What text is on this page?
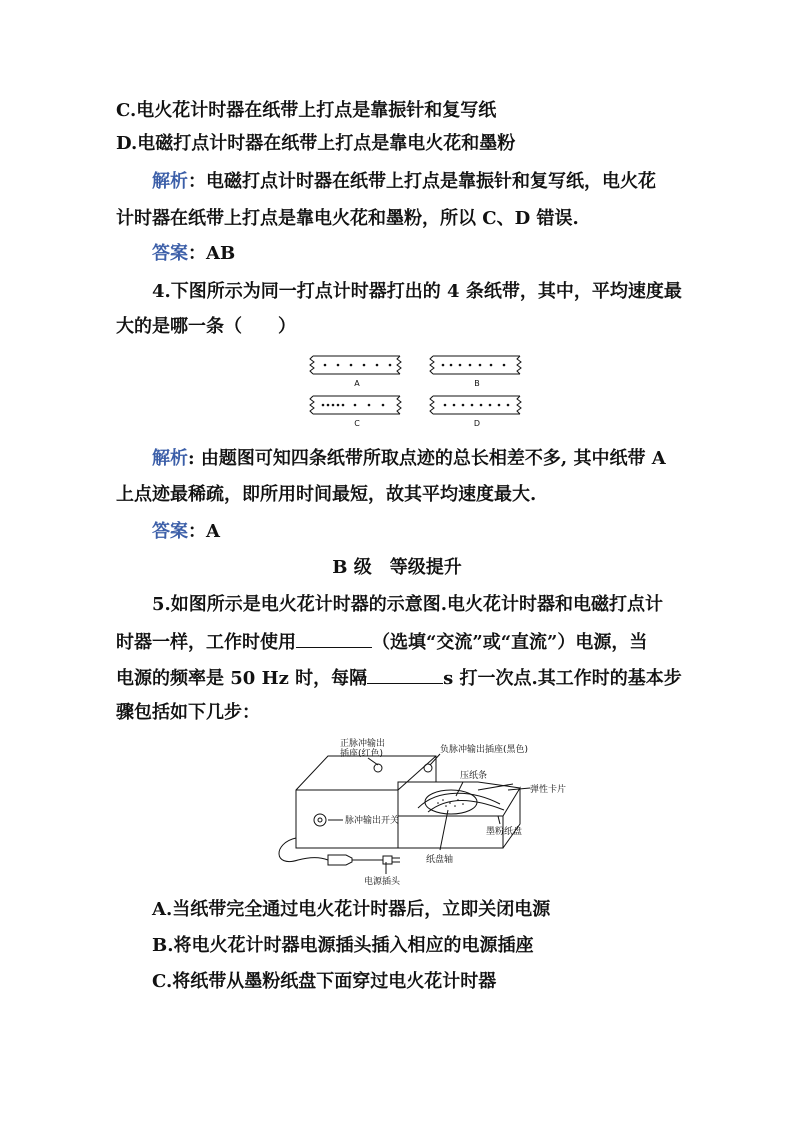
C.电火花计时器在纸带上打点是靠振针和复写纸
D.电磁打点计时器在纸带上打点是靠电火花和墨粉
解析：电磁打点计时器在纸带上打点是靠振针和复写纸，电火花
计时器在纸带上打点是靠电火花和墨粉，所以 C、D 错误.
答案：AB
4.下图所示为同一打点计时器打出的 4 条纸带，其中，平均速度最
大的是哪一条（　　）
A	B
C	D
解析: 由题图可知四条纸带所取点迹的总长相差不多, 其中纸带 A
上点迹最稀疏，即所用时间最短，故其平均速度最大.
答案：A
B 级　等级提升
5.如图所示是电火花计时器的示意图.电火花计时器和电磁打点计
时器一样，工作时使用	（选填“交流”或“直流”）电源，当
电源的频率是 50 Hz 时，每隔	s 打一次点.其工作时的基本步
骤包括如下几步：
负脉冲输出插座(黑色)
正脉冲输出
插座(红色)
压纸条
弹性卡片
脉冲输出开关
墨粉纸盘
纸盘轴
电源插头
A.当纸带完全通过电火花计时器后，立即关闭电源
B.将电火花计时器电源插头插入相应的电源插座
C.将纸带从墨粉纸盘下面穿过电火花计时器
